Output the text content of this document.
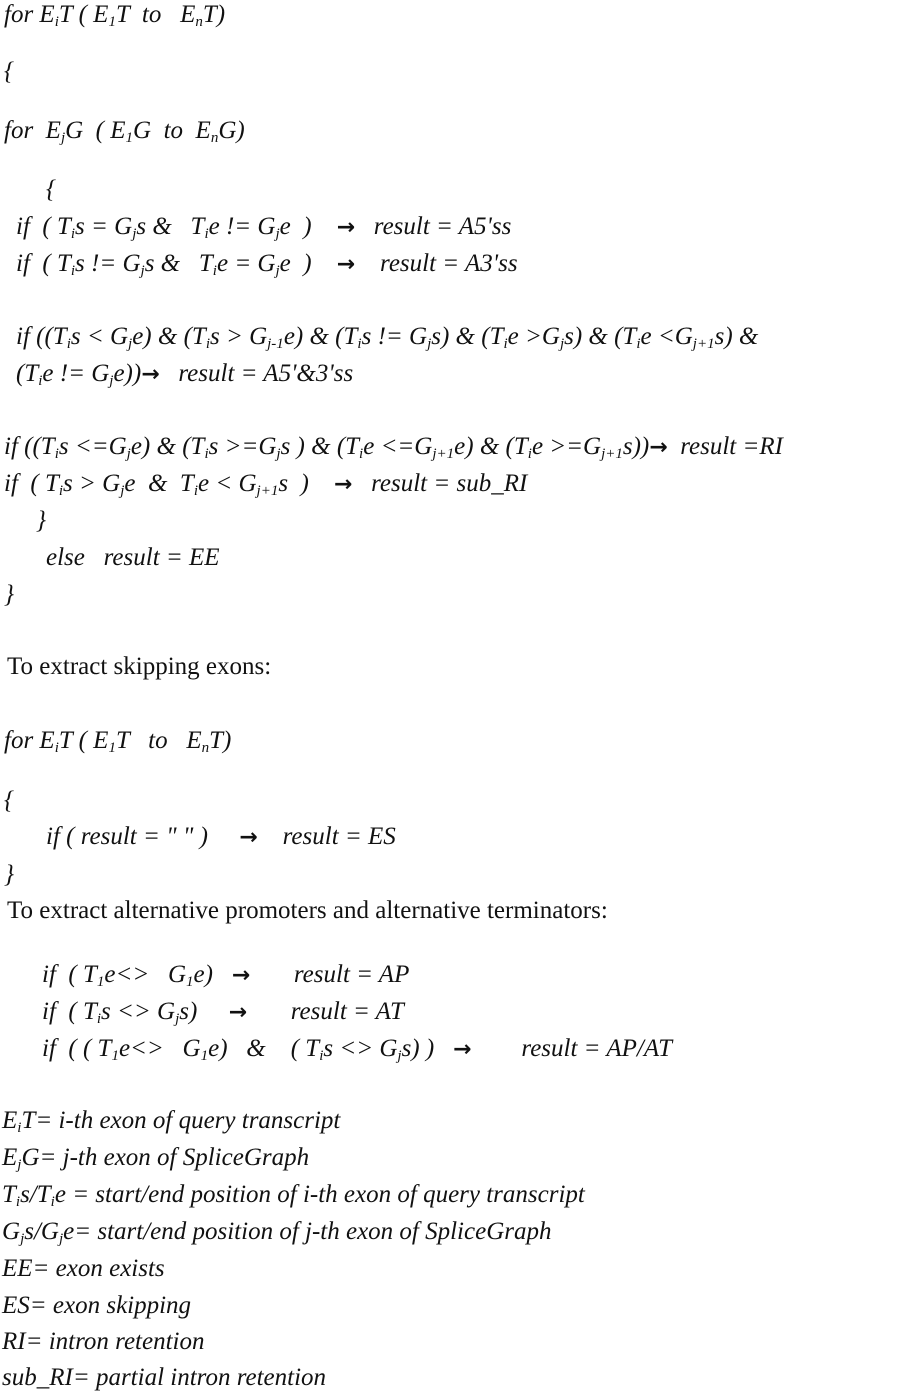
for $E_iT$ ( $E_1T$  to   $E_nT$)
{
for  $E_jG$  ( $E_1G$  to  $E_nG$)
{
if  ( $T_is = G_js$ &   $T_ie$ != $G_je$  )    →   result = A5'ss
if  ( $T_is$ != $G_js$ &   $T_ie = G_je$  )    →    result = A3'ss
if ($(T_is < G_je)$ & $(T_is > G_{j-1}e)$ & ($T_is$ != $G_js$) & $(T_ie >G_js)$ & $(T_ie <G_{j+1}s)$ &
($T_ie$ != $G_je))\to$   result = A5'&3'ss
if ($(T_is <=G_je)$ & ($T_is >=G_js$ ) & $(T_ie <=G_{j+1}e)$ & $(T_ie >=G_{j+1}s))\to$  result =RI
if  ( $T_is > G_je$  &  $T_ie < G_{j+1}s$  )    →   result = sub_RI
}
else   result = EE
}
To extract skipping exons:
for $E_iT$ ( $E_1T$   to   $E_nT$)
{
if ( result = " " )     →    result = ES
}
To extract alternative promoters and alternative terminators:
if  ( $T_1e<> G_1e$)   →       result = AP
if  ( $T_is <> G_js$)     →       result = AT
if  ( ( $T_1e<> G_1e$)   &    ( $T_is <> G_js$) )   →        result = AP/AT
$E_iT= i-th$ exon of query transcript
$E_jG= j-th$ exon of SpliceGraph
$T_is/T_ie$ = start/end position of i-th exon of query transcript
$G_js/G_je=$ start/end position of j-th exon of SpliceGraph
EE= exon exists
ES= exon skipping
RI= intron retention
sub_RI= partial intron retention
